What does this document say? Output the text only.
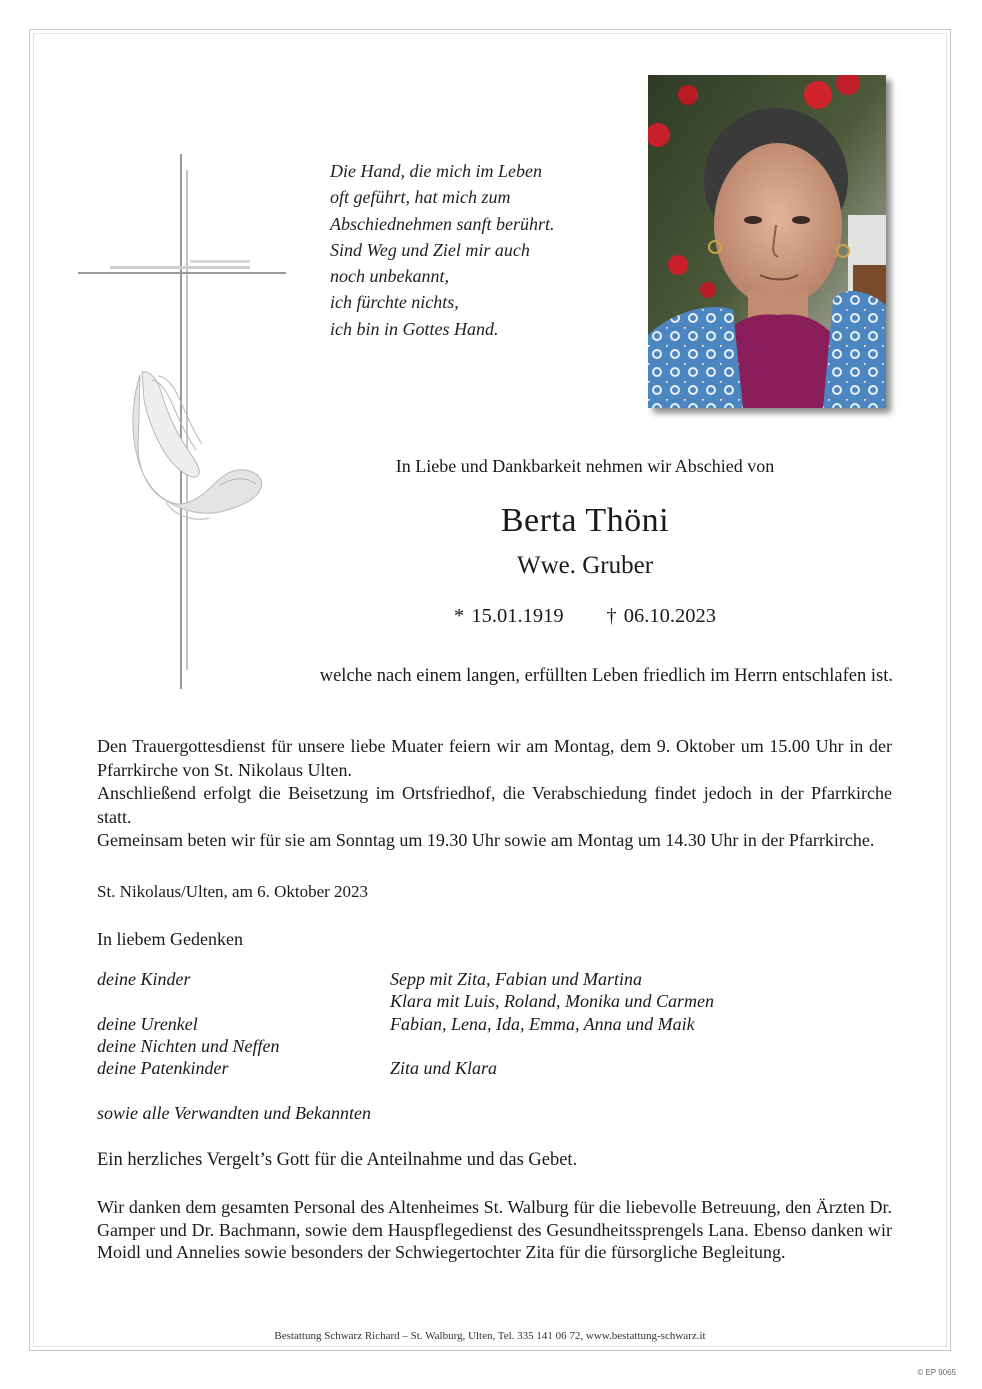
Die Hand, die mich im Leben
oft geführt, hat mich zum
Abschiednehmen sanft berührt.
Sind Weg und Ziel mir auch
noch unbekannt,
ich fürchte nichts,
ich bin in Gottes Hand.
In Liebe und Dankbarkeit nehmen wir Abschied von
Berta Thöni
Wwe. Gruber
* 15.01.1919 † 06.10.2023
welche nach einem langen, erfüllten Leben friedlich im Herrn entschlafen ist.

Den Trauergottesdienst für unsere liebe Muater feiern wir am Montag, dem 9. Oktober um 15.00 Uhr in der Pfarrkirche von St. Nikolaus Ulten.

Anschließend erfolgt die Beisetzung im Ortsfriedhof, die Verabschiedung findet jedoch in der Pfarrkirche statt.

Gemeinsam beten wir für sie am Sonntag um 19.30 Uhr sowie am Montag um 14.30 Uhr in der Pfarrkirche.

St. Nikolaus/Ulten, am 6. Oktober 2023
In liebem Gedenken
deine Kinder	Sepp mit Zita, Fabian und Martina
Klara mit Luis, Roland, Monika und Carmen
deine Urenkel	Fabian, Lena, Ida, Emma, Anna und Maik
deine Nichten und Neffen
deine Patenkinder	Zita und Klara
sowie alle Verwandten und Bekannten
Ein herzliches Vergelt’s Gott für die Anteilnahme und das Gebet.
Wir danken dem gesamten Personal des Altenheimes St. Walburg für die liebevolle Betreuung, den Ärzten Dr. Gamper und Dr. Bachmann, sowie dem Hauspflegedienst des Gesundheitssprengels Lana. Ebenso danken wir Moidl und Annelies sowie besonders der Schwiegertochter Zita für die fürsorgliche Begleitung.
Bestattung Schwarz Richard – St. Walburg, Ulten, Tel. 335 141 06 72, www.bestattung-schwarz.it
© EP 9065
